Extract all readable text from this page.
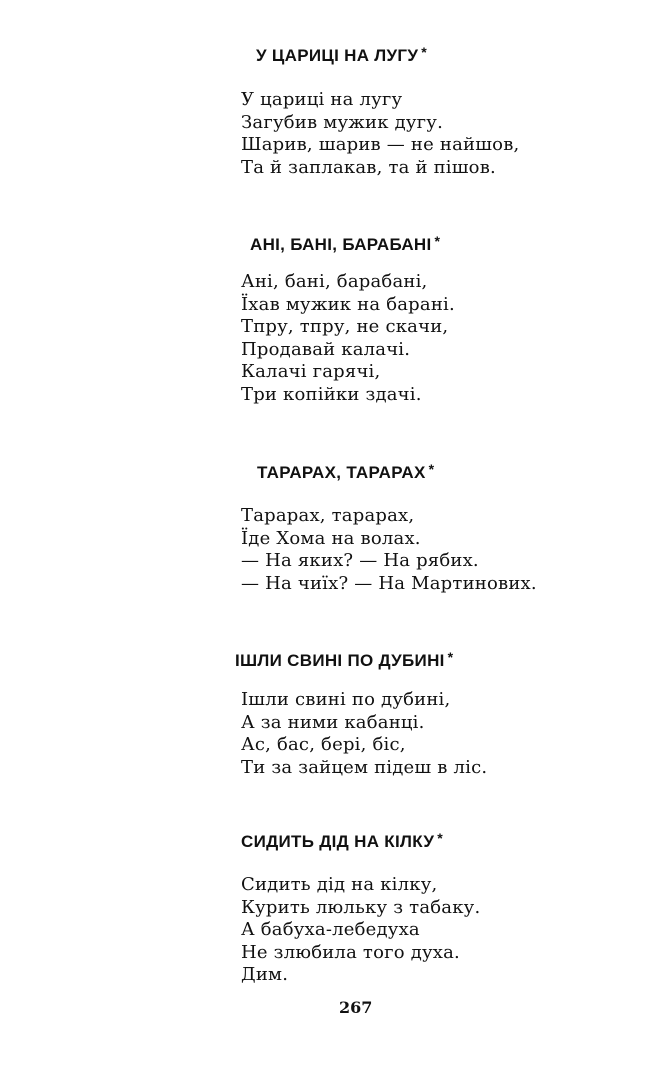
У ЦАРИЦІ НА ЛУГУ *
У цариці на лугу
Загубив мужик дугу.
Шарив, шарив — не найшов,
Та й заплакав, та й пішов.
АНІ, БАНІ, БАРАБАНІ *
Ані, бані, барабані,
Їхав мужик на барані.
Тпру, тпру, не скачи,
Продавай калачі.
Калачі гарячі,
Три копійки здачі.
ТАРАРАХ, ТАРАРАХ *
Тарарах, тарарах,
Їде Хома на волах.
— На яких? — На рябих.
— На чиїх? — На Мартинових.
ІШЛИ СВИНІ ПО ДУБИНІ *
Ішли свині по дубині,
А за ними кабанці.
Ас, бас, бері, біс,
Ти за зайцем підеш в ліс.
СИДИТЬ ДІД НА КІЛКУ *
Сидить дід на кілку,
Курить люльку з табаку.
А бабуха-лебедуха
Не злюбила того духа.
Дим.
267
